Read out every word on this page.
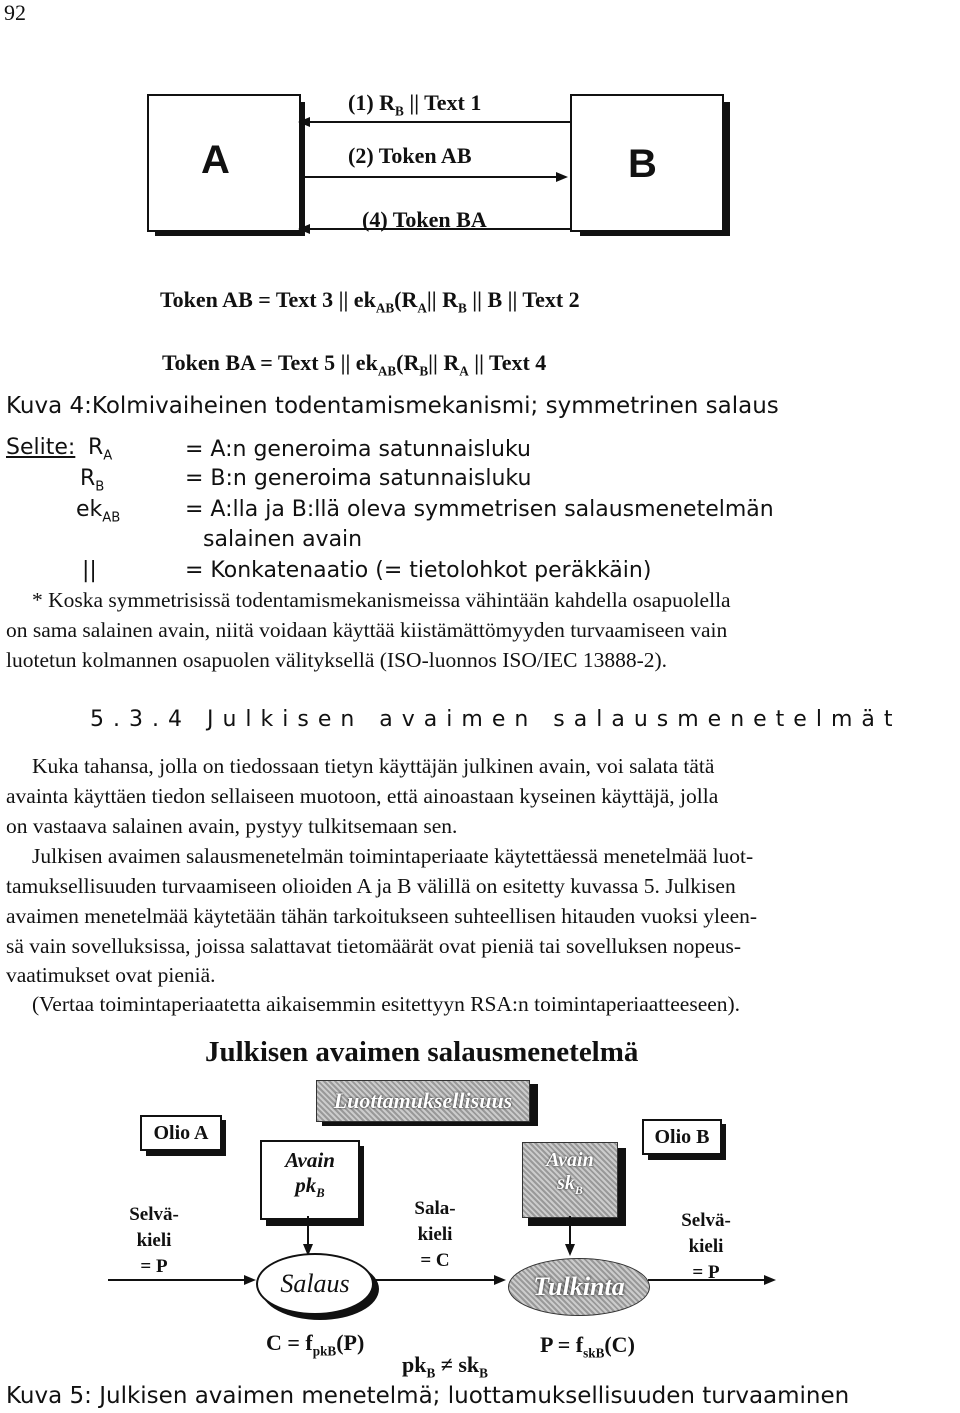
92
A	B
(1) $R_B$ || Text 1
(2) Token AB
(4) Token BA
Token AB = Text 3 || $ek_{AB}(R_A||$ $R_B$ || B || Text 2
Token BA = Text 5 || $ek_{AB}(R_B||$ $R_A$ || Text 4
Kuva 4:Kolmivaiheinen todentamismekanismi; symmetrinen salaus
Selite: $R_A$	= A:n generoima satunnaisluku
$R_B$	= B:n generoima satunnaisluku
$ek_{AB}$	= A:lla ja B:llä oleva symmetrisen salausmenetelmän
salainen avain
||	= Konkatenaatio (= tietolohkot peräkkäin)
* Koska symmetrisissä todentamismekanismeissa vähintään kahdella osapuolella
on sama salainen avain, niitä voidaan käyttää kiistämättömyyden turvaamiseen vain
luotetun kolmannen osapuolen välityksellä (ISO-luonnos ISO/IEC 13888-2).
5.3.4 Julkisen avaimen salausmenetelmät
Kuka tahansa, jolla on tiedossaan tietyn käyttäjän julkinen avain, voi salata tätä
avainta käyttäen tiedon sellaiseen muotoon, että ainoastaan kyseinen käyttäjä, jolla
on vastaava salainen avain, pystyy tulkitsemaan sen.
Julkisen avaimen salausmenetelmän toimintaperiaate käytettäessä menetelmää luot-
tamuksellisuuden turvaamiseen olioiden A ja B välillä on esitetty kuvassa 5. Julkisen
avaimen menetelmää käytetään tähän tarkoitukseen suhteellisen hitauden vuoksi yleen-
sä vain sovelluksissa, joissa salattavat tietomäärät ovat pieniä tai sovelluksen nopeus-
vaatimukset ovat pieniä.
(Vertaa toimintaperiaatetta aikaisemmin esitettyyn RSA:n toimintaperiaatteeseen).
Julkisen avaimen salausmenetelmä
Luottamuksellisuus
Olio A	Olio B
Avain
$pk_B$
Avain
$sk_B$
Salaus	Tulkinta
Selvä-
kieli
= P
Sala-
kieli
= C
Selvä-
kieli
= P
$C = f_{pkB}(P)$
$pk_B \ne sk_B$
$P = f_{skB}(C)$
Kuva 5: Julkisen avaimen menetelmä; luottamuksellisuuden turvaaminen
